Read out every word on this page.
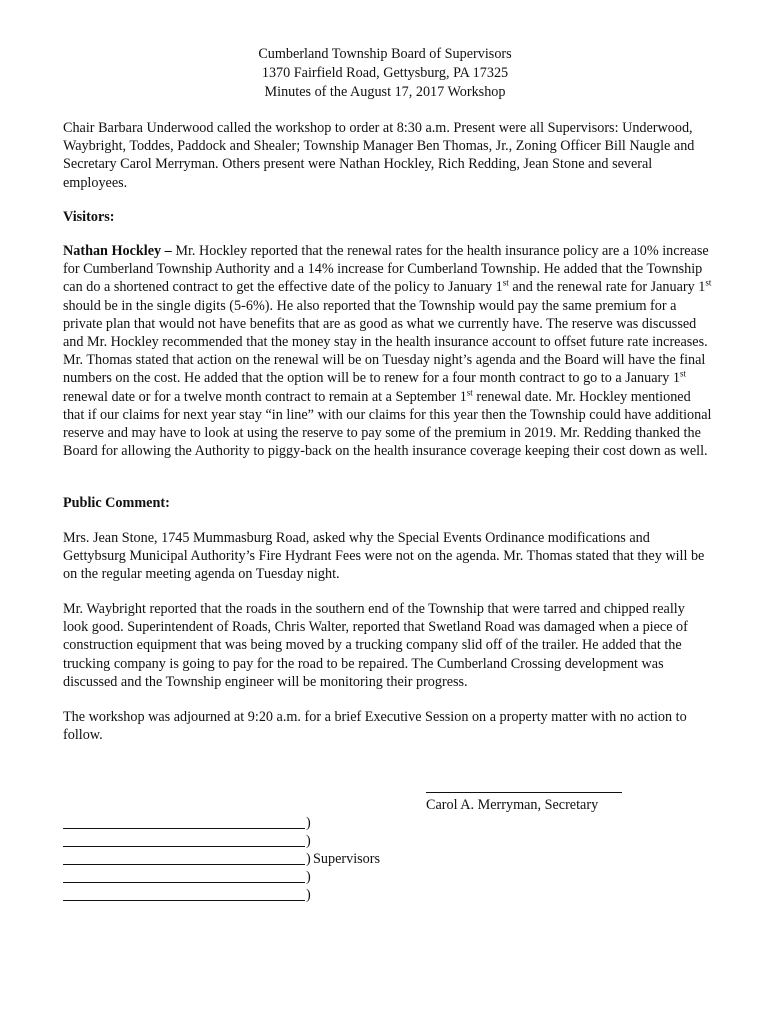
Cumberland Township Board of Supervisors
1370 Fairfield Road, Gettysburg, PA 17325
Minutes of the August 17, 2017 Workshop

Chair Barbara Underwood called the workshop to order at 8:30 a.m. Present were all Supervisors: Underwood, Waybright, Toddes, Paddock and Shealer; Township Manager Ben Thomas, Jr., Zoning Officer Bill Naugle and Secretary Carol Merryman. Others present were Nathan Hockley, Rich Redding, Jean Stone and several employees.

Visitors:

Nathan Hockley – Mr. Hockley reported that the renewal rates for the health insurance policy are a 10% increase for Cumberland Township Authority and a 14% increase for Cumberland Township. He added that the Township can do a shortened contract to get the effective date of the policy to January 1st and the renewal rate for January 1st should be in the single digits (5-6%). He also reported that the Township would pay the same premium for a private plan that would not have benefits that are as good as what we currently have. The reserve was discussed and Mr. Hockley recommended that the money stay in the health insurance account to offset future rate increases. Mr. Thomas stated that action on the renewal will be on Tuesday night’s agenda and the Board will have the final numbers on the cost. He added that the option will be to renew for a four month contract to go to a January 1st renewal date or for a twelve month contract to remain at a September 1st renewal date. Mr. Hockley mentioned that if our claims for next year stay “in line” with our claims for this year then the Township could have additional reserve and may have to look at using the reserve to pay some of the premium in 2019. Mr. Redding thanked the Board for allowing the Authority to piggy-back on the health insurance coverage keeping their cost down as well.

Public Comment:

Mrs. Jean Stone, 1745 Mummasburg Road, asked why the Special Events Ordinance modifications and Gettybsurg Municipal Authority’s Fire Hydrant Fees were not on the agenda. Mr. Thomas stated that they will be on the regular meeting agenda on Tuesday night.

Mr. Waybright reported that the roads in the southern end of the Township that were tarred and chipped really look good. Superintendent of Roads, Chris Walter, reported that Swetland Road was damaged when a piece of construction equipment that was being moved by a trucking company slid off of the trailer. He added that the trucking company is going to pay for the road to be repaired. The Cumberland Crossing development was discussed and the Township engineer will be monitoring their progress.

The workshop was adjourned at 9:20 a.m. for a brief Executive Session on a property matter with no action to follow.

Carol A. Merryman, Secretary
)
)
)
)
)
Supervisors
